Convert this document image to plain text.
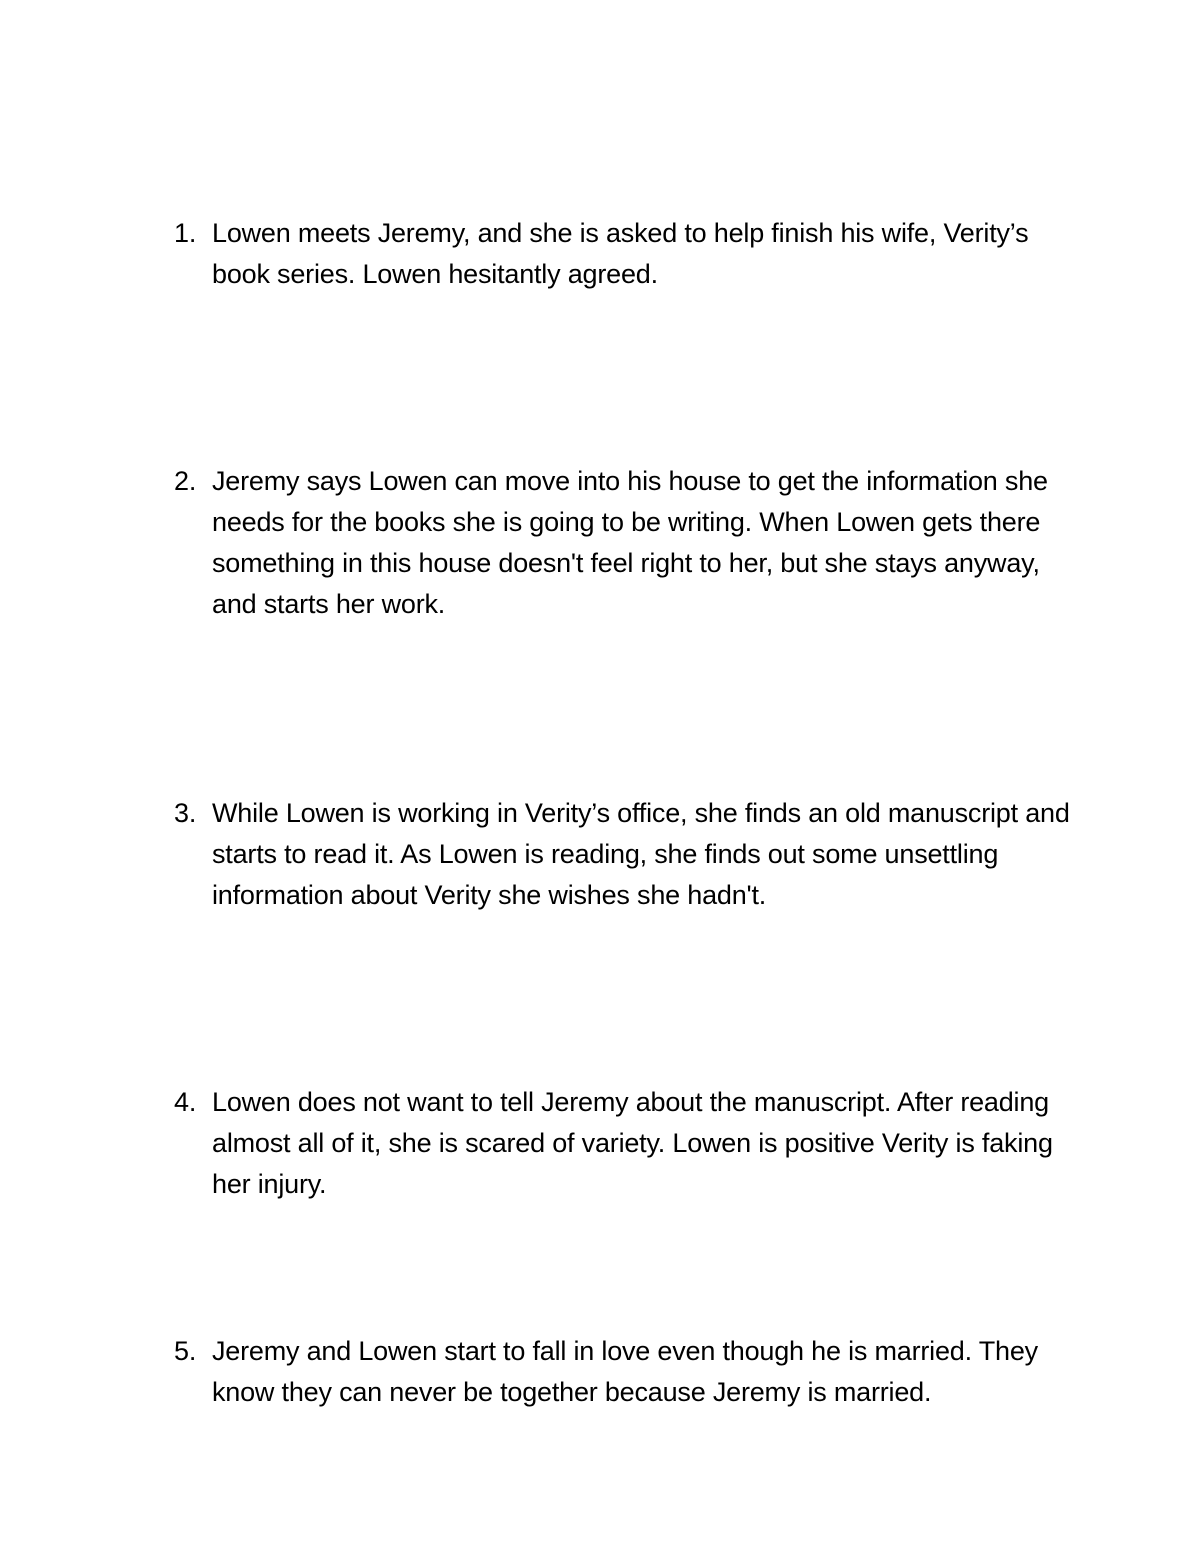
1. Lowen meets Jeremy, and she is asked to help finish his wife, Verity’s
book series. Lowen hesitantly agreed.
2. Jeremy says Lowen can move into his house to get the information she
needs for the books she is going to be writing. When Lowen gets there
something in this house doesn't feel right to her, but she stays anyway,
and starts her work.
3. While Lowen is working in Verity’s office, she finds an old manuscript and
starts to read it. As Lowen is reading, she finds out some unsettling
information about Verity she wishes she hadn't.
4. Lowen does not want to tell Jeremy about the manuscript. After reading
almost all of it, she is scared of variety. Lowen is positive Verity is faking
her injury.
5. Jeremy and Lowen start to fall in love even though he is married. They
know they can never be together because Jeremy is married.
